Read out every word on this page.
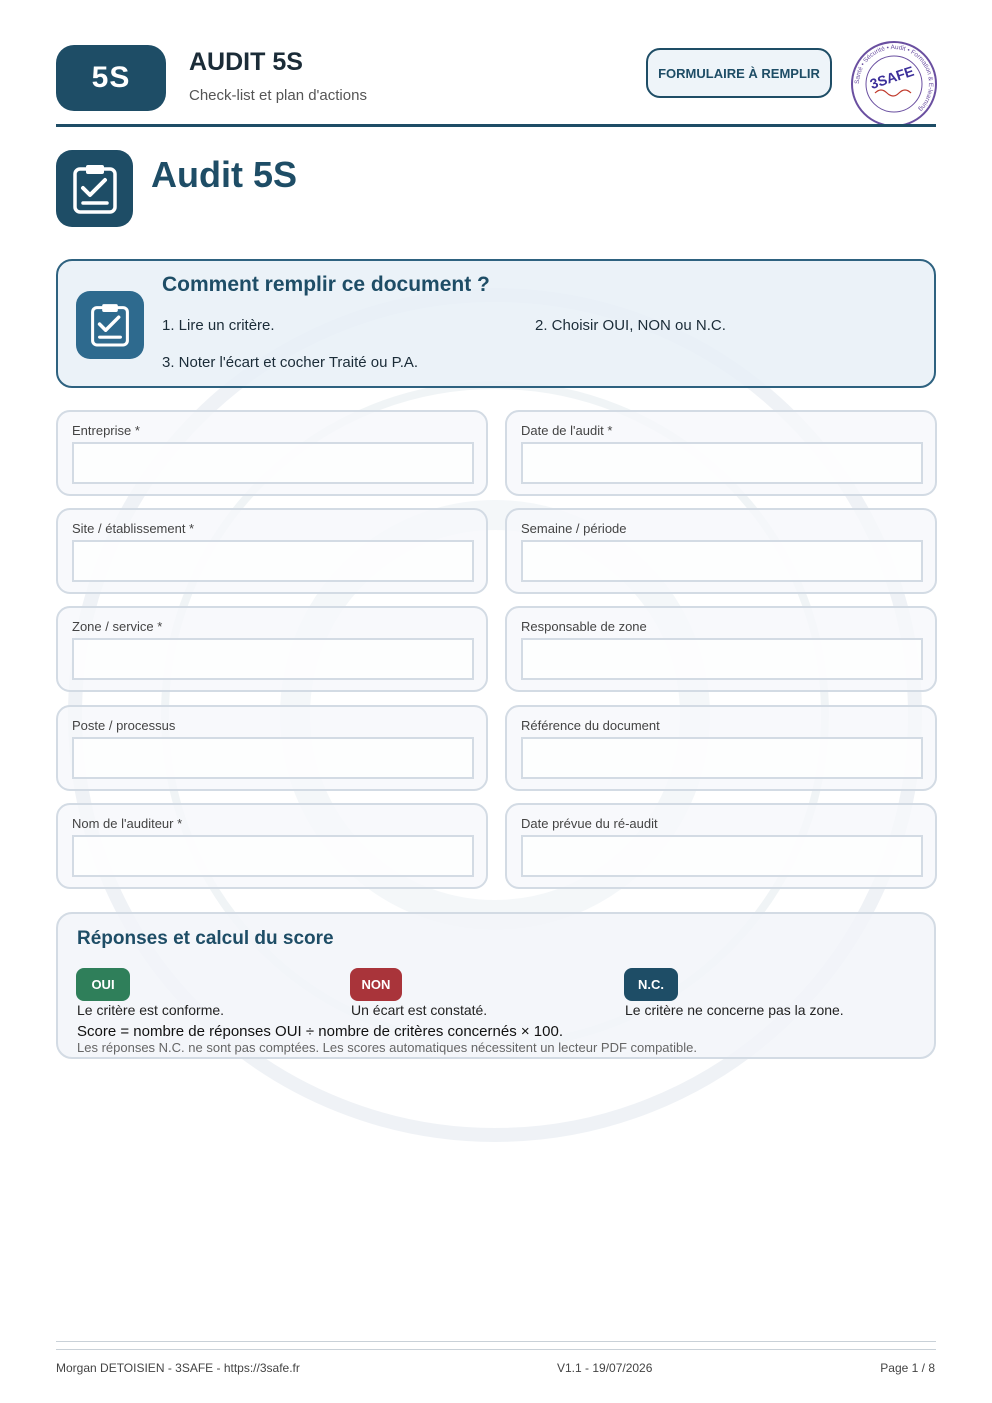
5S	AUDIT 5S
Check-list et plan d'actions
FORMULAIRE À REMPLIR
Santé • Sécurité • Audit • Formation & E-learning
3SAFE
Audit 5S
Comment remplir ce document ?
1. Lire un critère.	2. Choisir OUI, NON ou N.C.
3. Noter l'écart et cocher Traité ou P.A.
Entreprise *	Date de l'audit *
Site / établissement *	Semaine / période
Zone / service *	Responsable de zone
Poste / processus	Référence du document
Nom de l'auditeur *	Date prévue du ré-audit
Réponses et calcul du score
OUI	NON	N.C.
Le critère est conforme.	Un écart est constaté.	Le critère ne concerne pas la zone.
Score = nombre de réponses OUI ÷ nombre de critères concernés × 100.
Les réponses N.C. ne sont pas comptées. Les scores automatiques nécessitent un lecteur PDF compatible.
Morgan DETOISIEN - 3SAFE - https://3safe.fr	V1.1 - 19/07/2026	Page 1 / 8
